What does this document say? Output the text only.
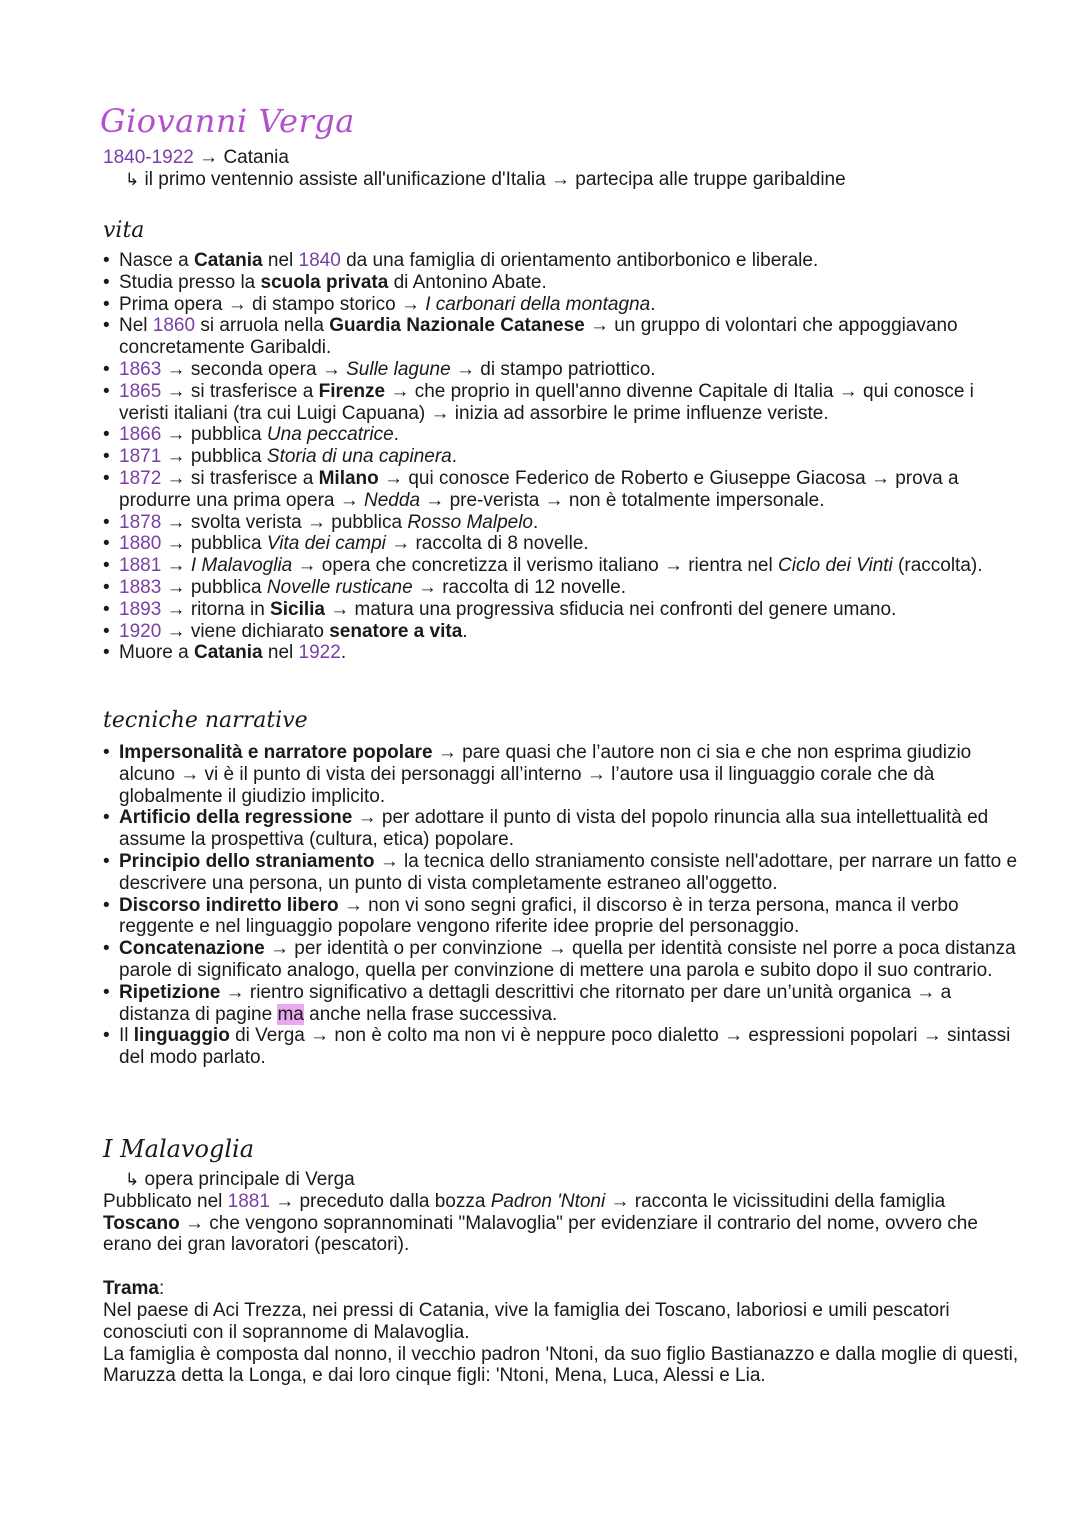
Giovanni Verga
1840-1922 → Catania
↳ il primo ventennio assiste all'unificazione d'Italia → partecipa alle truppe garibaldine
vita
• Nasce a Catania nel 1840 da una famiglia di orientamento antiborbonico e liberale.
• Studia presso la scuola privata di Antonino Abate.
• Prima opera → di stampo storico → I carbonari della montagna.
• Nel 1860 si arruola nella Guardia Nazionale Catanese → un gruppo di volontari che appoggiavano concretamente Garibaldi.
• 1863 → seconda opera → Sulle lagune → di stampo patriottico.
• 1865 → si trasferisce a Firenze → che proprio in quell'anno divenne Capitale di Italia → qui conosce i veristi italiani (tra cui Luigi Capuana) → inizia ad assorbire le prime influenze veriste.
• 1866 → pubblica Una peccatrice.
• 1871 → pubblica Storia di una capinera.
• 1872 → si trasferisce a Milano → qui conosce Federico de Roberto e Giuseppe Giacosa → prova a produrre una prima opera → Nedda → pre-verista → non è totalmente impersonale.
• 1878 → svolta verista → pubblica Rosso Malpelo.
• 1880 → pubblica Vita dei campi → raccolta di 8 novelle.
• 1881 → I Malavoglia → opera che concretizza il verismo italiano → rientra nel Ciclo dei Vinti (raccolta).
• 1883 → pubblica Novelle rusticane → raccolta di 12 novelle.
• 1893 → ritorna in Sicilia → matura una progressiva sfiducia nei confronti del genere umano.
• 1920 → viene dichiarato senatore a vita.
• Muore a Catania nel 1922.
tecniche narrative
• Impersonalità e narratore popolare → pare quasi che l’autore non ci sia e che non esprima giudizio alcuno → vi è il punto di vista dei personaggi all’interno → l’autore usa il linguaggio corale che dà globalmente il giudizio implicito.
• Artificio della regressione → per adottare il punto di vista del popolo rinuncia alla sua intellettualità ed assume la prospettiva (cultura, etica) popolare.
• Principio dello straniamento → la tecnica dello straniamento consiste nell'adottare, per narrare un fatto e descrivere una persona, un punto di vista completamente estraneo all'oggetto.
• Discorso indiretto libero → non vi sono segni grafici, il discorso è in terza persona, manca il verbo reggente e nel linguaggio popolare vengono riferite idee proprie del personaggio.
• Concatenazione → per identità o per convinzione → quella per identità consiste nel porre a poca distanza parole di significato analogo, quella per convinzione di mettere una parola e subito dopo il suo contrario.
• Ripetizione → rientro significativo a dettagli descrittivi che ritornato per dare un’unità organica → a distanza di pagine ma anche nella frase successiva.
• Il linguaggio di Verga → non è colto ma non vi è neppure poco dialetto → espressioni popolari → sintassi del modo parlato.
I Malavoglia
↳ opera principale di Verga
Pubblicato nel 1881 → preceduto dalla bozza Padron 'Ntoni → racconta le vicissitudini della famiglia Toscano → che vengono soprannominati "Malavoglia" per evidenziare il contrario del nome, ovvero che erano dei gran lavoratori (pescatori).
Trama:
Nel paese di Aci Trezza, nei pressi di Catania, vive la famiglia dei Toscano, laboriosi e umili pescatori conosciuti con il soprannome di Malavoglia.
La famiglia è composta dal nonno, il vecchio padron 'Ntoni, da suo figlio Bastianazzo e dalla moglie di questi, Maruzza detta la Longa, e dai loro cinque figli: 'Ntoni, Mena, Luca, Alessi e Lia.
